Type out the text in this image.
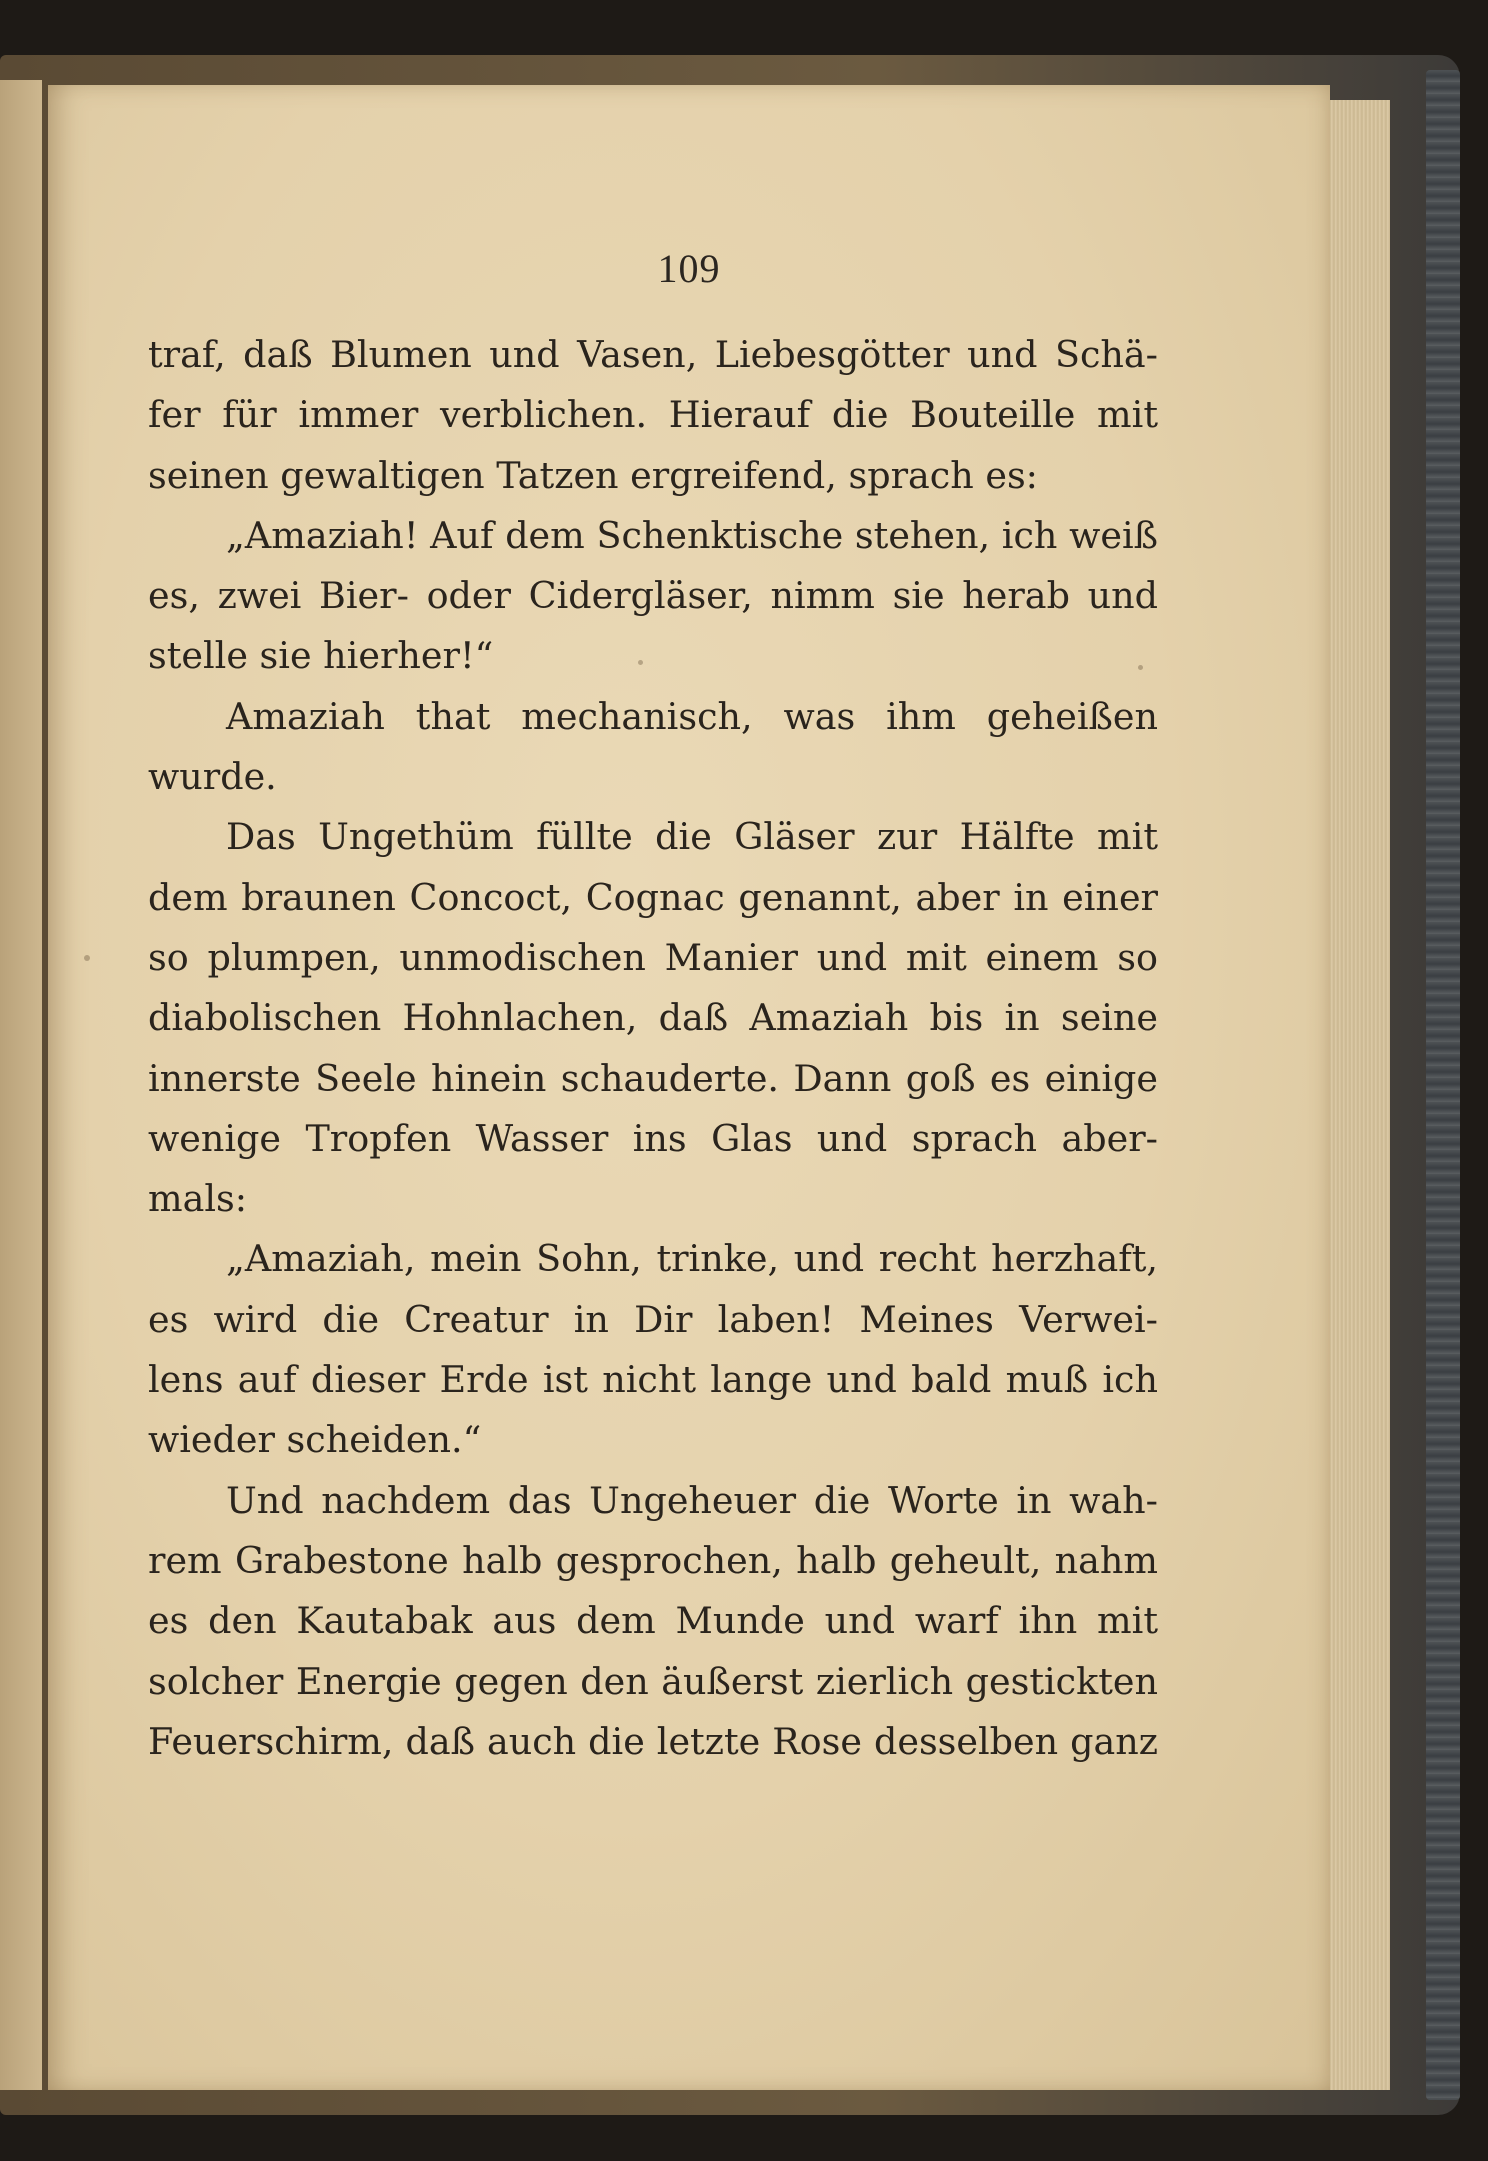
109
traf, daß Blumen und Vasen, Liebesgötter und Schä-
fer für immer verblichen. Hierauf die Bouteille mit
seinen gewaltigen Tatzen ergreifend, sprach es:
„Amaziah! Auf dem Schenktische stehen, ich weiß
es, zwei Bier- oder Cidergläser, nimm sie herab und
stelle sie hierher!“
Amaziah that mechanisch, was ihm geheißen
wurde.
Das Ungethüm füllte die Gläser zur Hälfte mit
dem braunen Concoct, Cognac genannt, aber in einer
so plumpen, unmodischen Manier und mit einem so
diabolischen Hohnlachen, daß Amaziah bis in seine
innerste Seele hinein schauderte. Dann goß es einige
wenige Tropfen Wasser ins Glas und sprach aber-
mals:
„Amaziah, mein Sohn, trinke, und recht herzhaft,
es wird die Creatur in Dir laben! Meines Verwei-
lens auf dieser Erde ist nicht lange und bald muß ich
wieder scheiden.“
Und nachdem das Ungeheuer die Worte in wah-
rem Grabestone halb gesprochen, halb geheult, nahm
es den Kautabak aus dem Munde und warf ihn mit
solcher Energie gegen den äußerst zierlich gestickten
Feuerschirm, daß auch die letzte Rose desselben ganz
